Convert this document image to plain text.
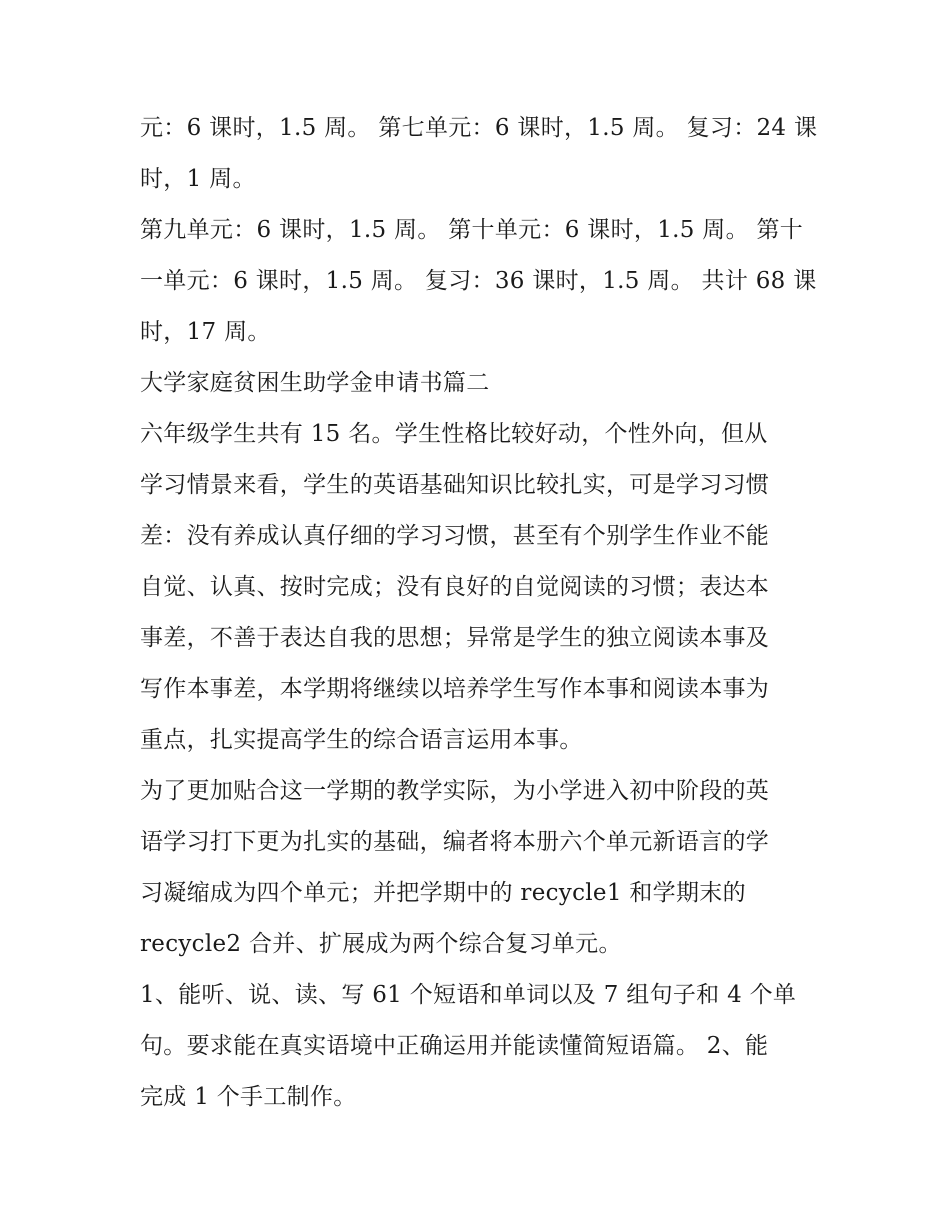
元：6 课时，1.5 周。 第七单元：6 课时，1.5 周。 复习：24 课
时，1 周。

第九单元：6 课时，1.5 周。 第十单元：6 课时，1.5 周。 第十
一单元：6 课时，1.5 周。 复习：36 课时，1.5 周。 共计 68 课
时，17 周。

大学家庭贫困生助学金申请书篇二

六年级学生共有 15 名。学生性格比较好动，个性外向，但从
学习情景来看，学生的英语基础知识比较扎实，可是学习习惯
差：没有养成认真仔细的学习习惯，甚至有个别学生作业不能
自觉、认真、按时完成；没有良好的自觉阅读的习惯；表达本
事差，不善于表达自我的思想；异常是学生的独立阅读本事及
写作本事差，本学期将继续以培养学生写作本事和阅读本事为
重点，扎实提高学生的综合语言运用本事。

为了更加贴合这一学期的教学实际，为小学进入初中阶段的英
语学习打下更为扎实的基础，编者将本册六个单元新语言的学
习凝缩成为四个单元；并把学期中的 recycle1 和学期末的
recycle2 合并、扩展成为两个综合复习单元。

1、能听、说、读、写 61 个短语和单词以及 7 组句子和 4 个单
句。要求能在真实语境中正确运用并能读懂简短语篇。 2、能
完成 1 个手工制作。
